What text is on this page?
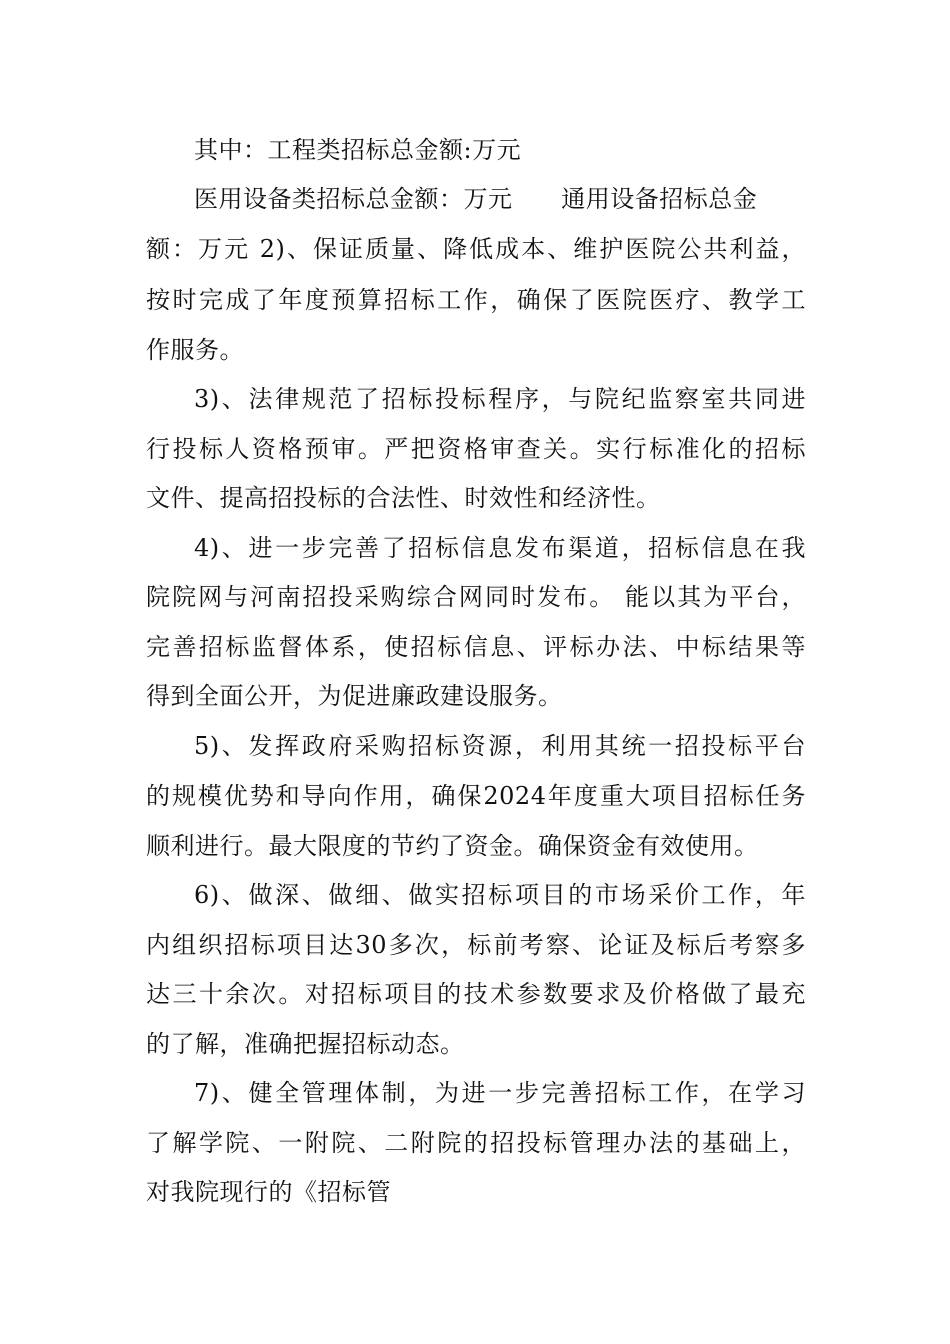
其中：工程类招标总金额:万元
医用设备类招标总金额：万元      通用设备招标总金
额：万元 2)、保证质量、降低成本、维护医院公共利益，
按时完成了年度预算招标工作，确保了医院医疗、教学工
作服务。
3)、法律规范了招标投标程序，与院纪监察室共同进
行投标人资格预审。严把资格审查关。实行标准化的招标
文件、提高招投标的合法性、时效性和经济性。
4)、进一步完善了招标信息发布渠道，招标信息在我
院院网与河南招投采购综合网同时发布。 能以其为平台，
完善招标监督体系，使招标信息、评标办法、中标结果等
得到全面公开，为促进廉政建设服务。
5)、发挥政府采购招标资源，利用其统一招投标平台
的规模优势和导向作用，确保2024年度重大项目招标任务
顺利进行。最大限度的节约了资金。确保资金有效使用。
6)、做深、做细、做实招标项目的市场采价工作，年
内组织招标项目达30多次，标前考察、论证及标后考察多
达三十余次。对招标项目的技术参数要求及价格做了最充
的了解，准确把握招标动态。
7)、健全管理体制，为进一步完善招标工作，在学习
了解学院、一附院、二附院的招投标管理办法的基础上，
对我院现行的《招标管
